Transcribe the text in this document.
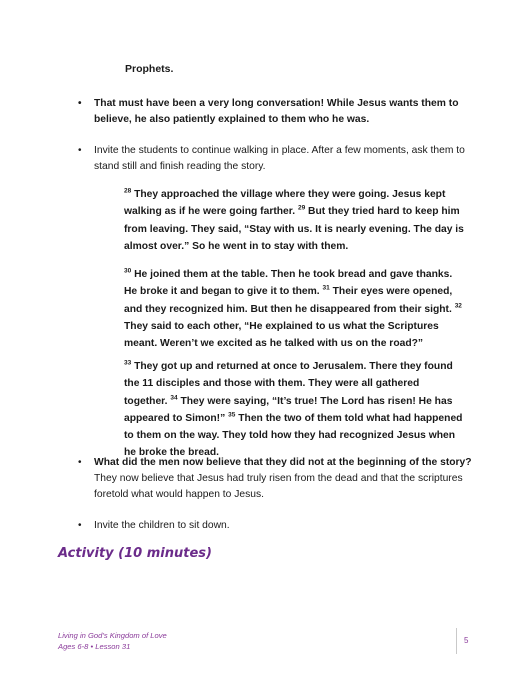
Prophets.
• That must have been a very long conversation! While Jesus wants them to believe, he also patiently explained to them who he was.
• Invite the students to continue walking in place. After a few moments, ask them to stand still and finish reading the story.
$^{28}$ They approached the village where they were going. Jesus kept walking as if he were going farther. $^{29}$ But they tried hard to keep him from leaving. They said, “Stay with us. It is nearly evening. The day is almost over.” So he went in to stay with them.
$^{30}$ He joined them at the table. Then he took bread and gave thanks. He broke it and began to give it to them. $^{31}$ Their eyes were opened, and they recognized him. But then he disappeared from their sight. $^{32}$ They said to each other, “He explained to us what the Scriptures meant. Weren’t we excited as he talked with us on the road?”
$^{33}$ They got up and returned at once to Jerusalem. There they found the 11 disciples and those with them. They were all gathered together. $^{34}$ They were saying, “It’s true! The Lord has risen! He has appeared to Simon!” $^{35}$ Then the two of them told what had happened to them on the way. They told how they had recognized Jesus when he broke the bread.
• What did the men now believe that they did not at the beginning of the story? They now believe that Jesus had truly risen from the dead and that the scriptures foretold what would happen to Jesus.
• Invite the children to sit down.
Activity (10 minutes)
Living in God’s Kingdom of Love
Ages 6-8 • Lesson 31
5
